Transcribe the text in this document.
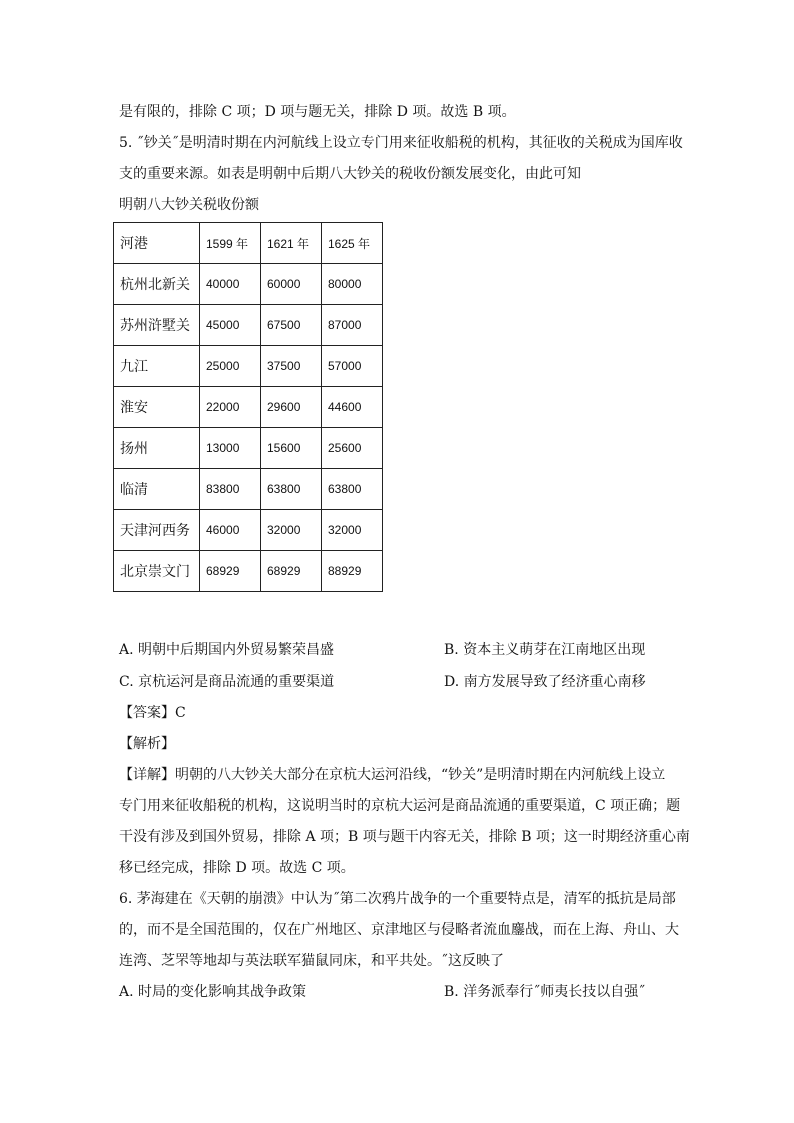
是有限的，排除 C 项；D 项与题无关，排除 D 项。故选 B 项。
5. ˝钞关˝是明清时期在内河航线上设立专门用来征收船税的机构，其征收的关税成为国库收
支的重要来源。如表是明朝中后期八大钞关的税收份额发展变化，由此可知
明朝八大钞关税收份额
河港	1599 年	1621 年	1625 年
杭州北新关	40000	60000	80000
苏州浒墅关	45000	67500	87000
九江	25000	37500	57000
淮安	22000	29600	44600
扬州	13000	15600	25600
临清	83800	63800	63800
天津河西务	46000	32000	32000
北京崇文门	68929	68929	88929
A. 明朝中后期国内外贸易繁荣昌盛	B. 资本主义萌芽在江南地区出现
C. 京杭运河是商品流通的重要渠道	D. 南方发展导致了经济重心南移
【答案】C
【解析】
【详解】明朝的八大钞关大部分在京杭大运河沿线，“钞关”是明清时期在内河航线上设立
专门用来征收船税的机构，这说明当时的京杭大运河是商品流通的重要渠道，C 项正确；题
干没有涉及到国外贸易，排除 A 项；B 项与题干内容无关，排除 B 项；这一时期经济重心南
移已经完成，排除 D 项。故选 C 项。
6. 茅海建在《天朝的崩溃》中认为˝第二次鸦片战争的一个重要特点是，清军的抵抗是局部
的，而不是全国范围的，仅在广州地区、京津地区与侵略者流血鏖战，而在上海、舟山、大
连湾、芝罘等地却与英法联军猫鼠同床，和平共处。˝这反映了
A. 时局的变化影响其战争政策	B. 洋务派奉行˝师夷长技以自强˝
